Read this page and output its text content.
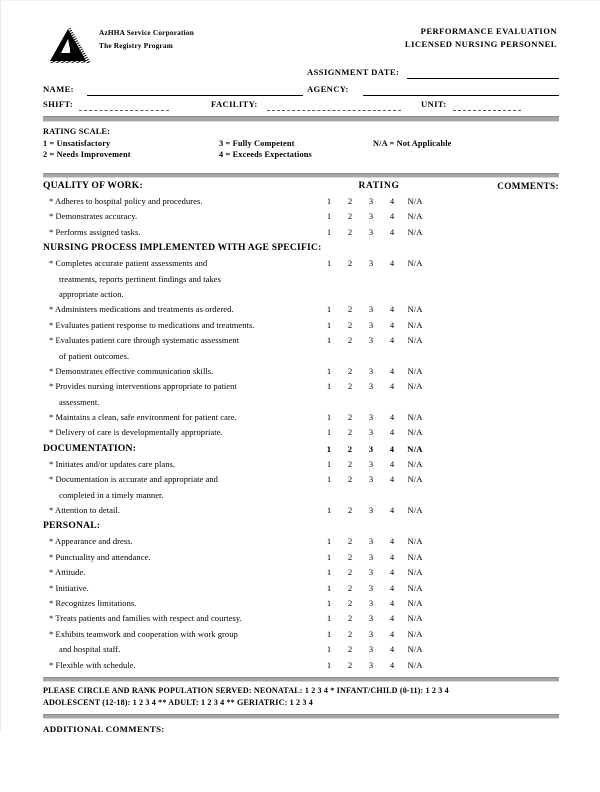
AzHHA Service Corporation
The Registry Program
PERFORMANCE EVALUATION
LICENSED NURSING PERSONNEL
ASSIGNMENT DATE:
NAME:	AGENCY:
SHIFT:	FACILITY:	UNIT:
RATING SCALE:
1 = Unsatisfactory
2 = Needs Improvement
3 = Fully Competent
4 = Exceeds Expectations
N/A = Not Applicable
QUALITY OF WORK:	RATING	COMMENTS:
* Adheres to hospital policy and procedures.	1	2	3	4	N/A
* Demonstrates accuracy.	1	2	3	4	N/A
* Performs assigned tasks.	1	2	3	4	N/A
NURSING PROCESS IMPLEMENTED WITH AGE SPECIFIC:
* Completes accurate patient assessments and	1	2	3	4	N/A
treatments, reports pertinent findings and takes
appropriate action.
* Administers medications and treatments as ordered.	1	2	3	4	N/A
* Evaluates patient response to medications and treatments.	1	2	3	4	N/A
* Evaluates patient care through systematic assessment	1	2	3	4	N/A
of patient outcomes.
* Demonstrates effective communication skills.	1	2	3	4	N/A
* Provides nursing interventions appropriate to patient	1	2	3	4	N/A
assessment.
* Maintains a clean, safe environment for patient care.	1	2	3	4	N/A
* Delivery of care is developmentally appropriate.	1	2	3	4	N/A
DOCUMENTATION:	1	2	3	4	N/A
* Initiates and/or updates care plans.	1	2	3	4	N/A
* Documentation is accurate and appropriate and	1	2	3	4	N/A
completed in a timely manner.
* Attention to detail.	1	2	3	4	N/A
PERSONAL:
* Appearance and dress.	1	2	3	4	N/A
* Punctuality and attendance.	1	2	3	4	N/A
* Attitude.	1	2	3	4	N/A
* Initiative.	1	2	3	4	N/A
* Recognizes limitations.	1	2	3	4	N/A
* Treats patients and families with respect and courtesy.	1	2	3	4	N/A
* Exhibits teamwork and cooperation with work group	1	2	3	4	N/A
and hospital staff.	1	2	3	4	N/A
* Flexible with schedule.	1	2	3	4	N/A
PLEASE CIRCLE AND RANK POPULATION SERVED: NEONATAL: 1 2 3 4 * INFANT/CHILD (0-11): 1 2 3 4
ADOLESCENT (12-18): 1 2 3 4 ** ADULT: 1 2 3 4 ** GERIATRIC: 1 2 3 4
ADDITIONAL COMMENTS:
